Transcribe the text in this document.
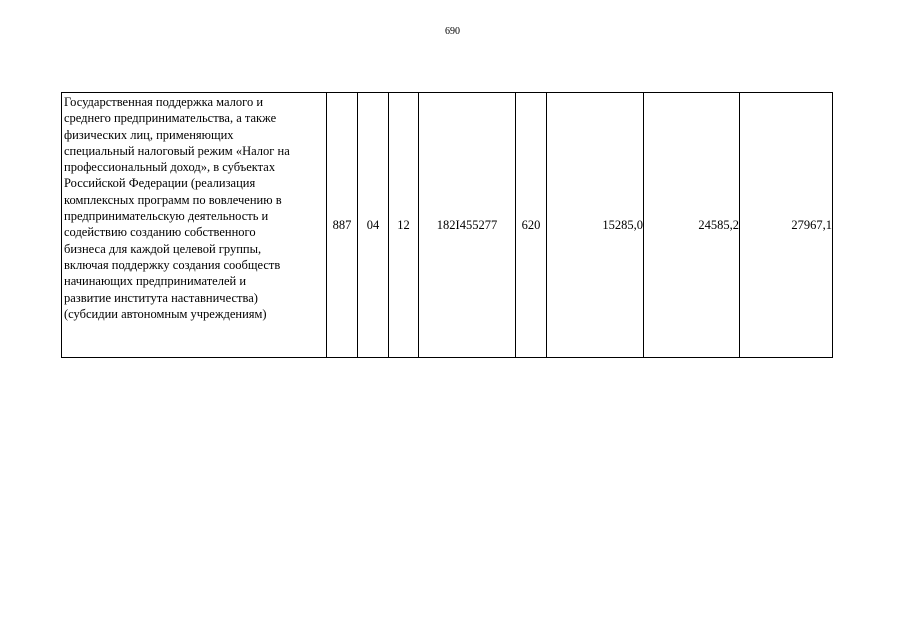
690
Государственная поддержка малого и
среднего предпринимательства, а также
физических лиц, применяющих
специальный налоговый режим «Налог на
профессиональный доход», в субъектах
Российской Федерации (реализация
комплексных программ по вовлечению в
предпринимательскую деятельность и
содействию созданию собственного
бизнеса для каждой целевой группы,
включая поддержку создания сообществ
начинающих предпринимателей и
развитие института наставничества)
(субсидии автономным учреждениям)
	887	04	12	182I455277	620	15285,0	24585,2	27967,1
